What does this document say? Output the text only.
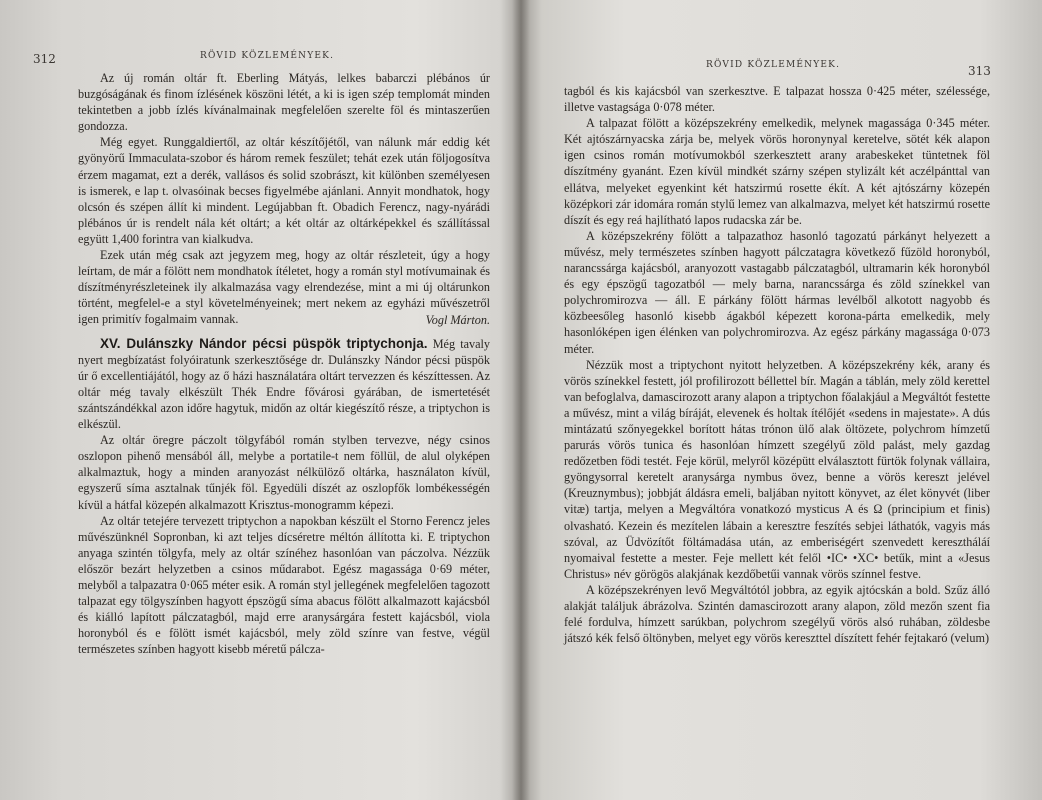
312	RÖVID KÖZLEMÉNYEK.

Az új román oltár ft. Eberling Mátyás, lelkes babarczi plébános úr buzgóságának és finom ízlésének köszöni létét, a ki is igen szép templomát minden tekintetben a jobb ízlés kívánalmainak megfelelően szerelte föl és mintaszerűen gondozza.

Még egyet. Runggaldiertől, az oltár készítőjétől, van nálunk már eddig két gyönyörű Immaculata-szobor és három remek feszület; tehát ezek után följogosítva érzem magamat, ezt a derék, vallásos és solid szobrászt, kit különben személyesen is ismerek, e lap t. olvasóinak becses figyelmébe ajánlani. Annyit mondhatok, hogy olcsón és szépen állít ki mindent. Legújabban ft. Obadich Ferencz, nagy-nyárádi plébános úr is rendelt nála két oltárt; a két oltár az oltárképekkel és szállítással együtt 1,400 forintra van kialkudva.

Ezek után még csak azt jegyzem meg, hogy az oltár részleteit, úgy a hogy leírtam, de már a fölött nem mondhatok ítéletet, hogy a román styl motívumainak és díszítményrészleteinek ily alkalmazása vagy elrendezése, mint a mi új oltárunkon történt, megfelel-e a styl követelményeinek; mert nekem az egyházi művészetről igen primitív fogalmaim vannak.	Vogl Márton.

XV. Dulánszky Nándor pécsi püspök triptychonja. Még tavaly nyert megbízatást folyóiratunk szerkesztősége dr. Dulánszky Nándor pécsi püspök úr ő excellentiájától, hogy az ő házi használatára oltárt tervezzen és készíttessen. Az oltár még tavaly elkészült Thék Endre fővárosi gyárában, de ismertetését szántszándékkal azon időre hagytuk, midőn az oltár kiegészítő része, a triptychon is elkészül.

Az oltár öregre páczolt tölgyfából román stylben tervezve, négy csinos oszlopon pihenő mensából áll, melybe a portatile-t nem föllül, de alul olyképen alkalmaztuk, hogy a minden aranyozást nélkülöző oltárka, használaton kívül, egyszerű síma asztalnak tűnjék föl. Egyedüli díszét az oszlopfők lombékességén kívül a hátfal közepén alkalmazott Krisztus-monogramm képezi.

Az oltár tetejére tervezett triptychon a napokban készült el Storno Ferencz jeles művészünknél Sopronban, ki azt teljes dícséretre méltón állította ki. E triptychon anyaga szintén tölgyfa, mely az oltár színéhez hasonlóan van páczolva. Nézzük először bezárt helyzetben a csinos műdarabot. Egész magassága 0·69 méter, melyből a talpazatra 0·065 méter esik. A román styl jellegének megfelelően tagozott talpazat egy tölgyszínben hagyott épszögű síma abacus fölött alkalmazott kajácsból és kiálló lapított pálczatagból, majd erre aranysárgára festett kajácsból, viola horonyból és e fölött ismét kajácsból, mely zöld színre van festve, végül természetes színben hagyott kisebb méretű pálcza-

RÖVID KÖZLEMÉNYEK.	313

tagból és kis kajácsból van szerkesztve. E talpazat hossza 0·425 méter, szélessége, illetve vastagsága 0·078 méter.

A talpazat fölött a középszekrény emelkedik, melynek magassága 0·345 méter. Két ajtószárnyacska zárja be, melyek vörös horonynyal keretelve, sötét kék alapon igen csinos román motívumokból szerkesztett arany arabeskeket tüntetnek föl díszítmény gyanánt. Ezen kívül mindkét szárny szépen stylizált két aczélpánttal van ellátva, melyeket egyenkint két hatszirmú rosette ékít. A két ajtószárny közepén középkori zár idomára román stylű lemez van alkalmazva, melyet két hatszirmú rosette díszít és egy reá hajlítható lapos rudacska zár be.

A középszekrény fölött a talpazathoz hasonló tagozatú párkányt helyezett a művész, mely természetes színben hagyott pálczatagra következő fűzöld horonyból, narancssárga kajácsból, aranyozott vastagabb pálczatagból, ultramarin kék horonyból és egy épszögű tagozatból — mely barna, narancssárga és zöld színekkel van polychromirozva — áll. E párkány fölött hármas levélből alkotott nagyobb és közbeesőleg hasonló kisebb ágakból képezett korona-párta emelkedik, mely hasonlóképen igen élénken van polychromirozva. Az egész párkány magassága 0·073 méter.

Nézzük most a triptychont nyitott helyzetben. A középszekrény kék, arany és vörös színekkel festett, jól profilirozott béllettel bír. Magán a táblán, mely zöld kerettel van befoglalva, damascirozott arany alapon a triptychon főalakjául a Megváltót festette a művész, mint a világ bíráját, elevenek és holtak ítélőjét «sedens in majestate». A dús mintázatú szőnyegekkel borított hátas trónon ülő alak öltözete, polychrom hímzetű parurás vörös tunica és hasonlóan hímzett szegélyű zöld palást, mely gazdag redőzetben födi testét. Feje körül, melyről középütt elválasztott fürtök folynak vállaira, gyöngysorral keretelt aranysárga nymbus övez, benne a vörös kereszt jelével (Kreuznymbus); jobbját áldásra emeli, baljában nyitott könyvet, az élet könyvét (liber vitæ) tartja, melyen a Megváltóra vonatkozó mysticus Α és Ω (principium et finis) olvasható. Kezein és mezítelen lábain a keresztre feszítés sebjei láthatók, vagyis más szóval, az Üdvözítőt föltámadása után, az emberiségért szenvedett keresztháláí nyomaival festette a mester. Feje mellett két felől •IC• •XC• betűk, mint a «Jesus Christus» név görögös alakjának kezdőbetűi vannak vörös színnel festve.

A középszekrényen levő Megváltótól jobbra, az egyik ajtócskán a bold. Szűz álló alakját találjuk ábrázolva. Szintén damascirozott arany alapon, zöld mezőn szent fia felé fordulva, hímzett sarúkban, polychrom szegélyű vörös alsó ruhában, zöldesbe játszó kék felső öltönyben, melyet egy vörös kereszttel díszített fehér fejtakaró (velum)
